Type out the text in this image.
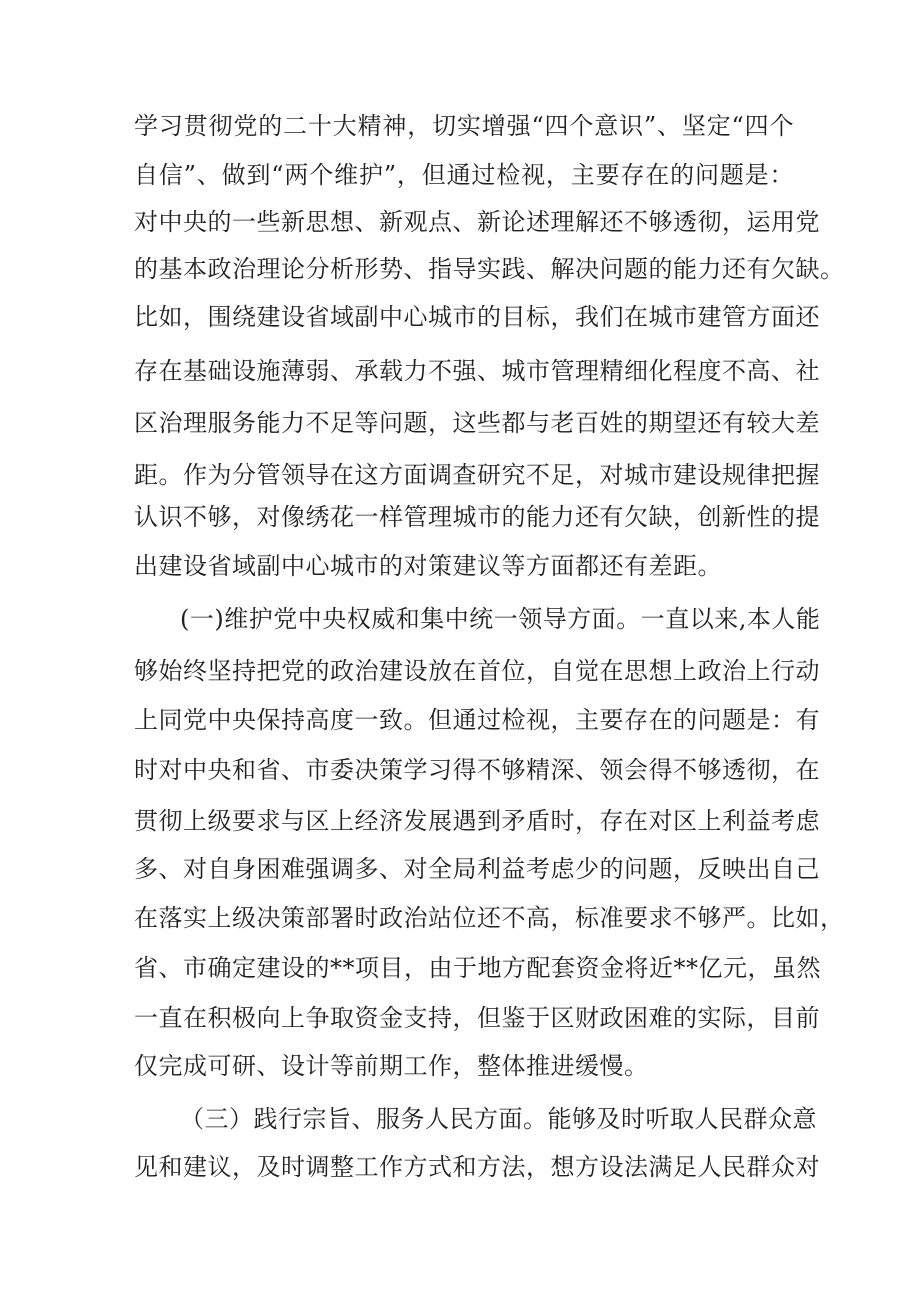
学习贯彻党的二十大精神，切实增强“四个意识”、坚定“四个

自信”、做到“两个维护”，但通过检视，主要存在的问题是：

对中央的一些新思想、新观点、新论述理解还不够透彻，运用党

的基本政治理论分析形势、指导实践、解决问题的能力还有欠缺。

比如，围绕建设省域副中心城市的目标，我们在城市建管方面还

存在基础设施薄弱、承载力不强、城市管理精细化程度不高、社

区治理服务能力不足等问题，这些都与老百姓的期望还有较大差

距。作为分管领导在这方面调查研究不足，对城市建设规律把握

认识不够，对像绣花一样管理城市的能力还有欠缺，创新性的提

出建设省域副中心城市的对策建议等方面都还有差距。

(一)维护党中央权威和集中统一领导方面。一直以来,本人能

够始终坚持把党的政治建设放在首位，自觉在思想上政治上行动

上同党中央保持高度一致。但通过检视，主要存在的问题是：有

时对中央和省、市委决策学习得不够精深、领会得不够透彻，在

贯彻上级要求与区上经济发展遇到矛盾时，存在对区上利益考虑

多、对自身困难强调多、对全局利益考虑少的问题，反映出自己

在落实上级决策部署时政治站位还不高，标准要求不够严。比如，

省、市确定建设的**项目，由于地方配套资金将近**亿元，虽然

一直在积极向上争取资金支持，但鉴于区财政困难的实际，目前

仅完成可研、设计等前期工作，整体推进缓慢。

（三）践行宗旨、服务人民方面。能够及时听取人民群众意

见和建议，及时调整工作方式和方法，想方设法满足人民群众对
